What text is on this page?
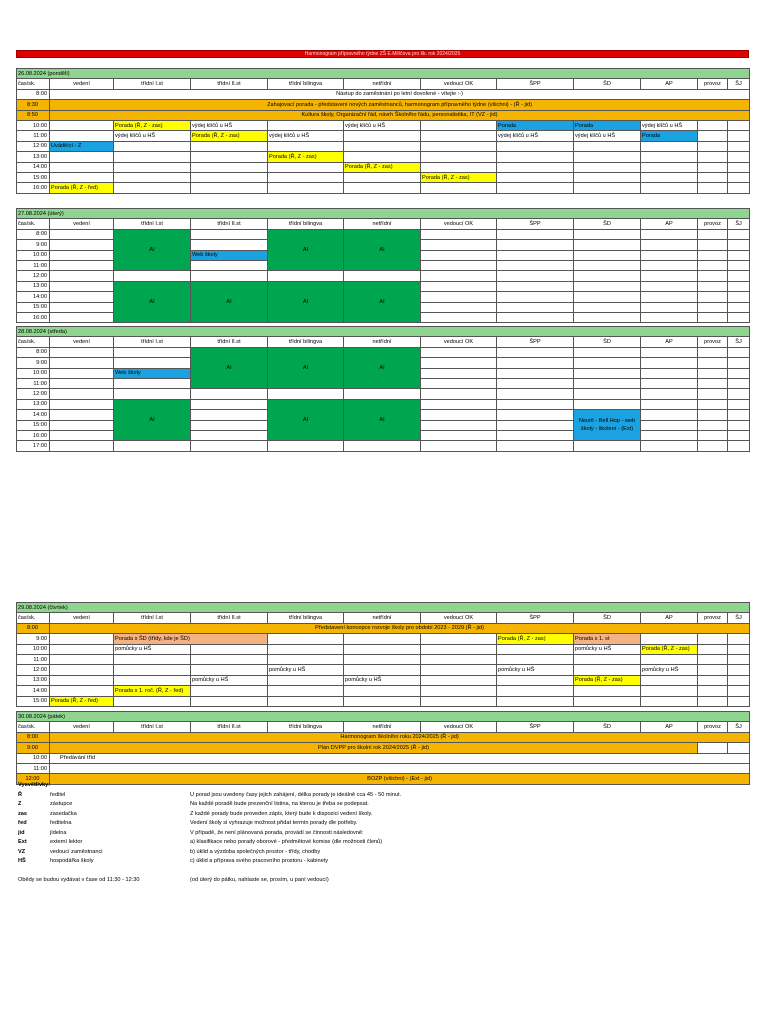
Harmonogram přípravného týdne ZŠ E.Milíčova pro šk. rok 2024/2025
26.08.2024 (pondělí)											
čas/sk.	vedení	třídní I.st	třídní II.st	třídní bilingva	netřídní	vedoucí OK	ŠPP	ŠD	AP	provoz	ŠJ
8:00	Nástup do zaměstnání po letní dovolené - vítejte :-)										
8:30	Zahajovací porada - představení nových zaměstnanců, harmonogram přípravného týdne (všichni) - (Ř - jid)										
8:50	Kultura školy, Organizační řád, návrh Školního řádu, personalistika, IT (VZ - jid)										
10:00		Porada (Ř, Z - zas)	výdej klíčů u HŠ		výdej klíčů u HŠ		Porada	Porada	výdej klíčů u HŠ		
11:00		výdej klíčů u HŠ	Porada (Ř, Z - zas)	výdej klíčů u HŠ			výdej klíčů u HŠ	výdej klíčů u HŠ	Porada		
12:00	Uváděící - Z										
13:00				Porada (Ř, Z - zas)							
14:00					Porada (Ř, Z - zas)						
15:00						Porada (Ř, Z - zas)					
16:00	Porada (Ř, Z - řed)										
27.08.2024 (úterý)											
čas/sk.	vedení	třídní I.st	třídní II.st	třídní bilingva	netřídní	vedoucí OK	ŠPP	ŠD	AP	provoz	ŠJ
8:00		AI		AI	AI						
9:00											
10:00			Web školy								
11:00											
12:00											
13:00		AI	AI	AI	AI						
14:00											
15:00											
16:00											
28.08.2024 (středa)											
čas/sk.	vedení	třídní I.st	třídní II.st	třídní bilingva	netřídní	vedoucí OK	ŠPP	ŠD	AP	provoz	ŠJ
8:00			AI	AI	AI						
9:00											
10:00		Web školy									
11:00											
12:00											
13:00		AI		AI	AI						
14:00								Neurit - Bell Hop - web školy - školení - (Ext)			
15:00											
16:00											
17:00											
29.08.2024 (čtvrtek)											
čas/sk.	vedení	třídní I.st	třídní II.st	třídní bilingva	netřídní	vedoucí OK	ŠPP	ŠD	AP	provoz	ŠJ
8:00	Představení koncepce rozvoje školy pro období 2023 - 2029 (Ř - jid)										
9:00		Porada s ŠD (třídy, kde je ŠD)					Porada (Ř, Z - zas)	Porada s 1. st			
10:00		pomůcky u HŠ						pomůcky u HŠ	Porada (Ř, Z - zas)		
11:00											
12:00				pomůcky u HŠ			pomůcky u HŠ		pomůcky u HŠ		
13:00			pomůcky u HŠ		pomůcky u HŠ			Porada (Ř, Z - zas)			
14:00		Porada s 1. roč. (Ř, Z - řed)									
15:00	Porada (Ř, Z - řed)										
30.08.2024 (pátek)											
čas/sk.	vedení	třídní I.st	třídní II.st	třídní bilingva	netřídní	vedoucí OK	ŠPP	ŠD	AP	provoz	ŠJ
8:00	Harmonogram školního roku 2024/2025 (Ř - jid)										
9:00	Plán DVPP pro školní rok 2024/2025 (Ř - jid)										
10:00	Předávání tříd										
11:00											
12:00	BOZP (všichni) - (Ext - jid)										
Vysvětlivky:
Ř	ředitel	U porad jsou uvedeny časy jejich zahájení, délka porady je ideálně cca 45 - 50 minut.
Z	zástupce	Na každé poradě bude prezenční listina, na kterou je třeba se podepsat.
zas	zasedačka	Z každé porady bude proveden zápis, který bude k dispozici vedení školy.
řed	ředitelna	Vedení školy si vyhrazuje možnost přidat termín porady dle potřeby.
jid	jídelna	V případě, že není plánovaná porada, provádí se činnosti následovně:
Ext	externí lektor	a) klasifikace nebo porady oborové - předmětové komise (dle možnosti členů)
VZ	vedoucí zaměstnanci	b) úklid a výzdoba společných prostor - třídy, chodby
HŠ	hospodářka školy	c) úklid a příprava svého pracovního prostoru - kabinety
Obědy se budou vydávat v čase od 11:30 - 12:30	(od úterý do pátku, nahlaste se, prosím, u paní vedoucí)
